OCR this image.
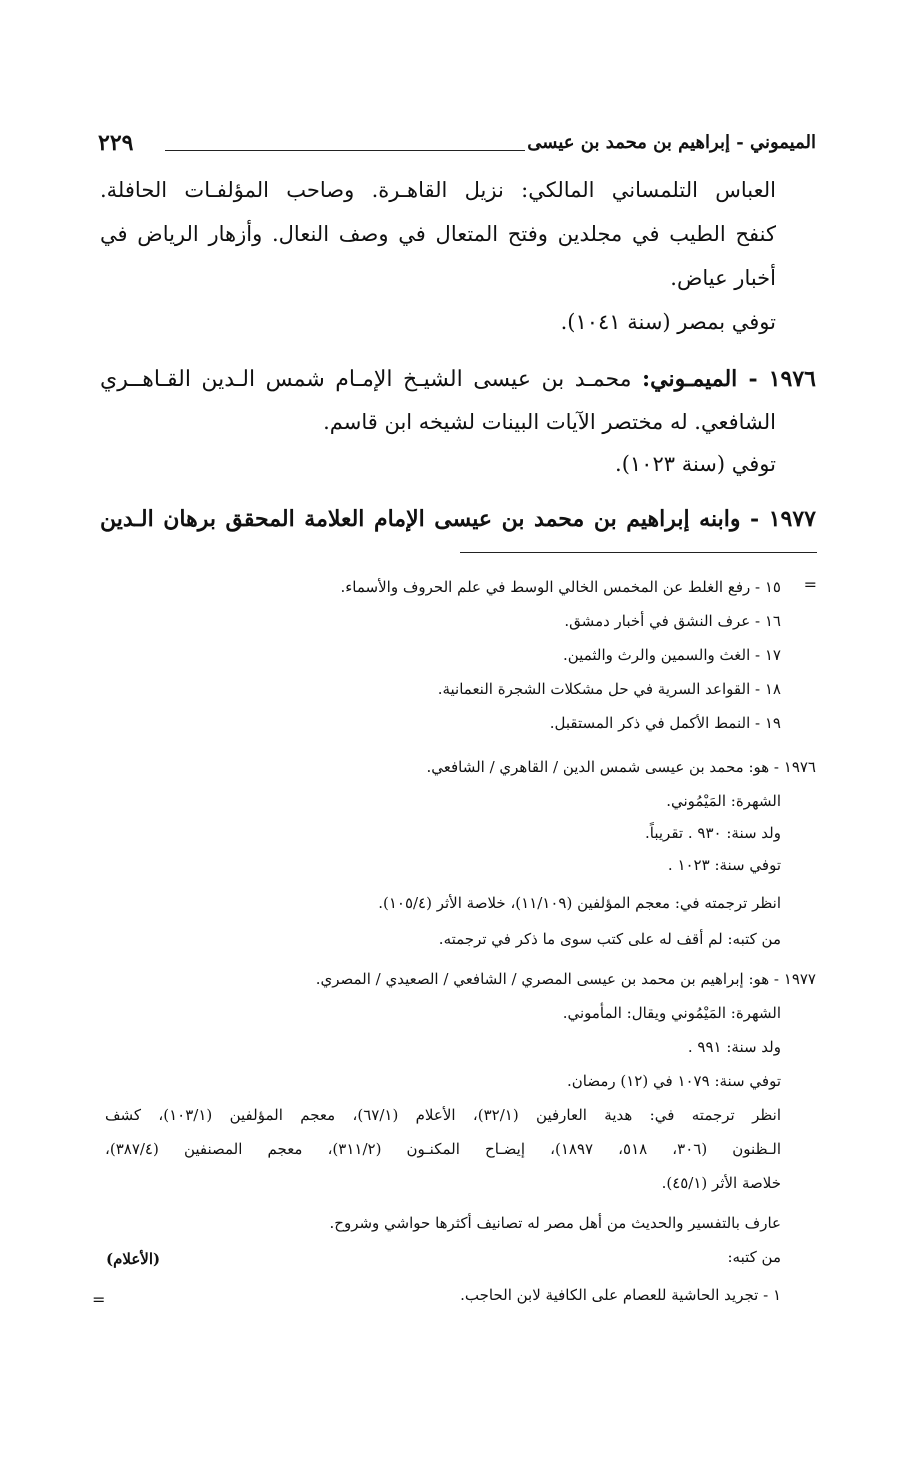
الميموني - إبراهيم بن محمد بن عيسى
٢٢٩
العباس التلمساني المالكي: نزيل القاهـرة. وصاحب المؤلفـات الحافلة.
كنفح الطيب في مجلدين وفتح المتعال في وصف النعال. وأزهار الرياض في
أخبار عياض.
توفي بمصر (سنة ١٠٤١).
١٩٧٦ - الميمـوني: محمـد بن عيسى الشيـخ الإمـام شمس الـدين القـاهــري
الشافعي. له مختصر الآيات البينات لشيخه ابن قاسم.
توفي (سنة ١٠٢٣).
١٩٧٧ - وابنه إبراهيم بن محمد بن عيسى الإمام العلامة المحقق برهان الـدين
=
١٥ - رفع الغلط عن المخمس الخالي الوسط في علم الحروف والأسماء.
١٦ - عرف النشق في أخبار دمشق.
١٧ - الغث والسمين والرث والثمين.
١٨ - القواعد السرية في حل مشكلات الشجرة النعمانية.
١٩ - النمط الأكمل في ذكر المستقبل.
١٩٧٦ - هو: محمد بن عيسى شمس الدين / القاهري / الشافعي.
الشهرة: المَيْمُوني.
ولد سنة: ٩٣٠ . تقريباً.
توفي سنة: ١٠٢٣ .
انظر ترجمته في: معجم المؤلفين (١١/١٠٩)، خلاصة الأثر (١٠٥/٤).
من كتبه: لم أقف له على كتب سوى ما ذكر في ترجمته.
١٩٧٧ - هو: إبراهيم بن محمد بن عيسى المصري / الشافعي / الصعيدي / المصري.
الشهرة: المَيْمُوني ويقال: المأموني.
ولد سنة: ٩٩١ .
توفي سنة: ١٠٧٩ في (١٢) رمضان.
انظر ترجمته في: هدية العارفين (٣٢/١)، الأعلام (٦٧/١)، معجم المؤلفين (١٠٣/١)، كشف
الـظنون (٣٠٦، ٥١٨، ١٨٩٧)، إيضـاح المكنـون (٣١١/٢)، معجم المصنفين (٣٨٧/٤)،
خلاصة الأثر (٤٥/١).
عارف بالتفسير والحديث من أهل مصر له تصانيف أكثرها حواشي وشروح.
من كتبه:
(الأعلام)
١ - تجريد الحاشية للعصام على الكافية لابن الحاجب.
=
